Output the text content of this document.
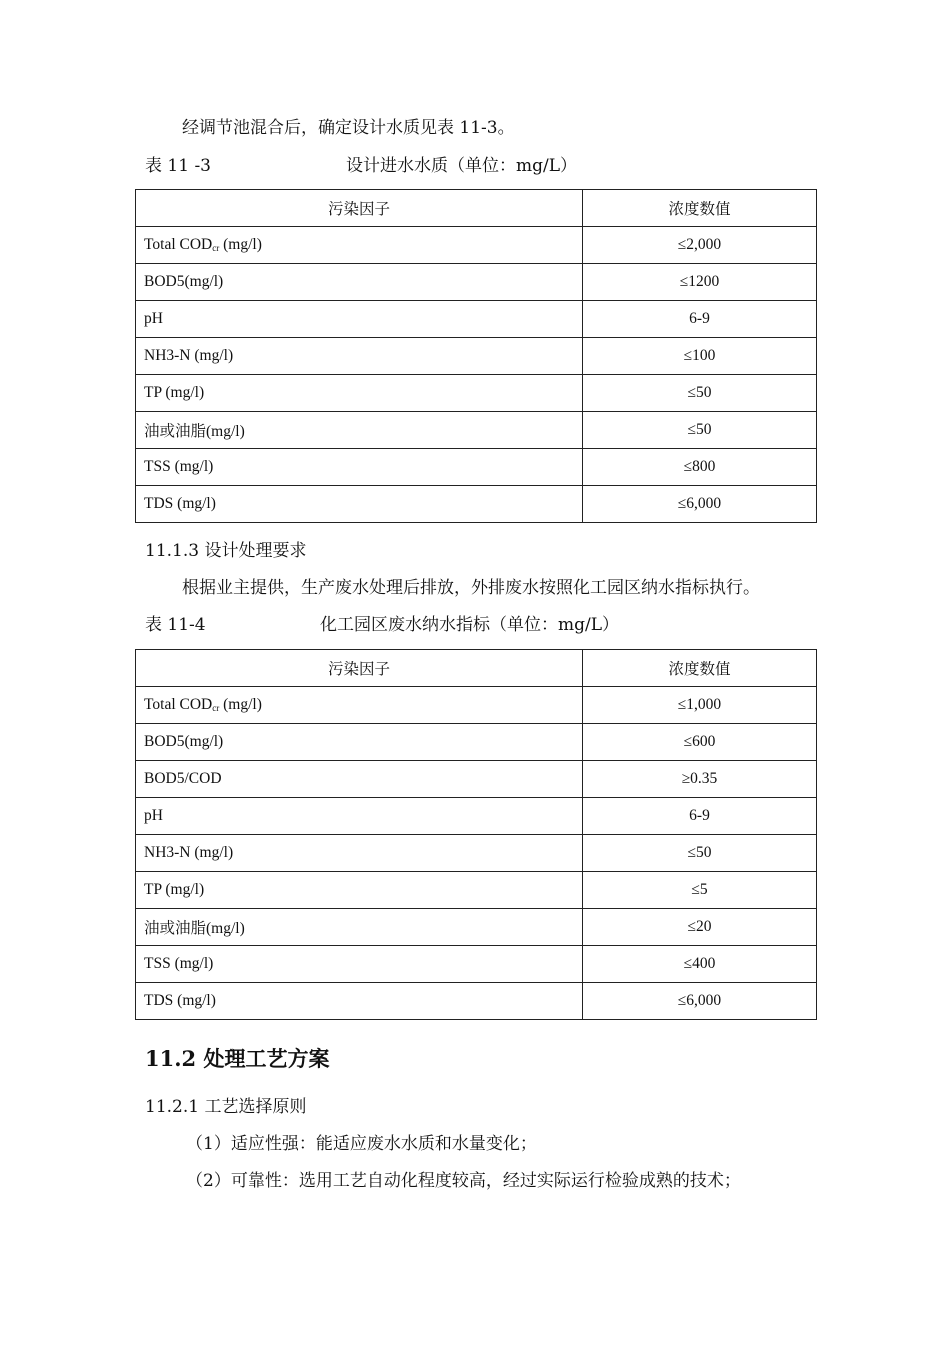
经调节池混合后，确定设计水质见表 11-3。
表 11 -3	设计进水水质（单位：mg/L）
污染因子	浓度数值
Total $COD_{cr}$ (mg/l)	≤2,000
BOD5(mg/l)	≤1200
pH	6-9
NH3-N (mg/l)	≤100
TP (mg/l)	≤50
油或油脂(mg/l)	≤50
TSS (mg/l)	≤800
TDS (mg/l)	≤6,000
11.1.3 设计处理要求
根据业主提供，生产废水处理后排放，外排废水按照化工园区纳水指标执行。
表 11-4	化工园区废水纳水指标（单位：mg/L）
污染因子	浓度数值
Total $COD_{cr}$ (mg/l)	≤1,000
BOD5(mg/l)	≤600
BOD5/COD	≥0.35
pH	6-9
NH3-N (mg/l)	≤50
TP (mg/l)	≤5
油或油脂(mg/l)	≤20
TSS (mg/l)	≤400
TDS (mg/l)	≤6,000
11.2 处理工艺方案
11.2.1 工艺选择原则
（1）适应性强：能适应废水水质和水量变化；
（2）可靠性：选用工艺自动化程度较高，经过实际运行检验成熟的技术；
